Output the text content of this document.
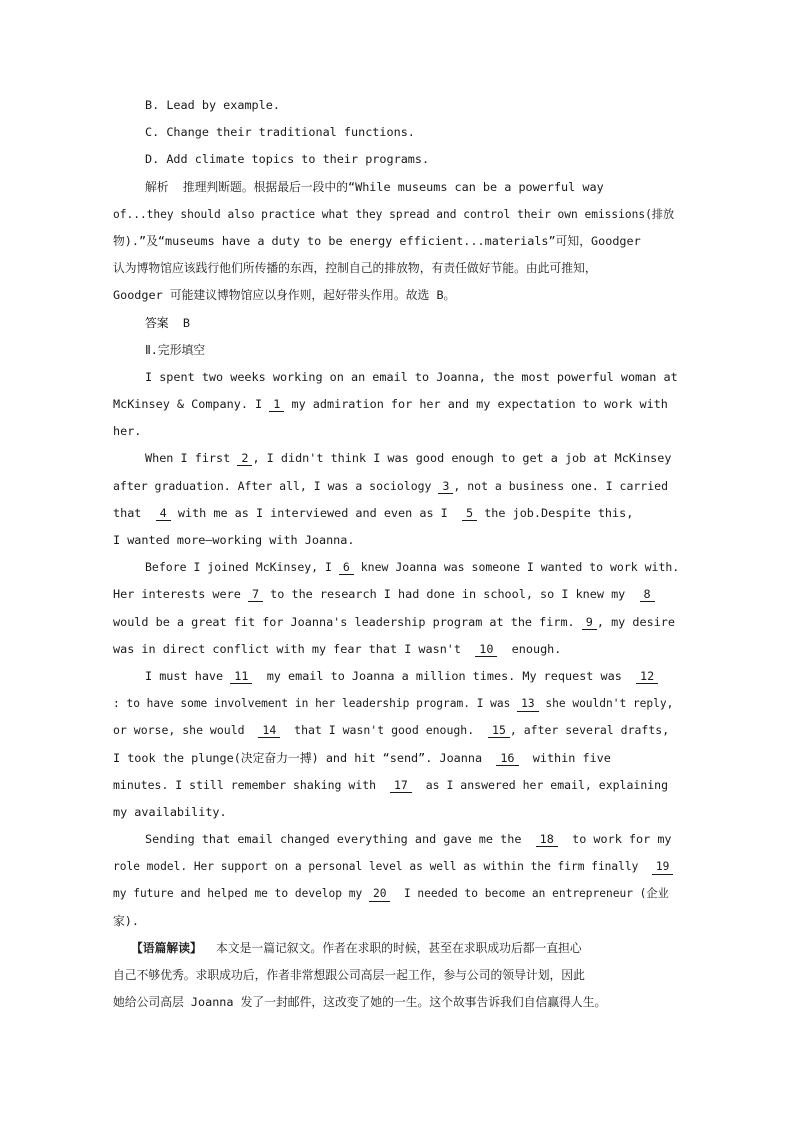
B. Lead by example.
C. Change their traditional functions.
D. Add climate topics to their programs.
解析 推理判断题。根据最后一段中的“While museums can be a powerful way
of...they should also practice what they spread and control their own emissions(排放
物).”及“museums have a duty to be energy efficient...materials”可知，Goodger
认为博物馆应该践行他们所传播的东西，控制自己的排放物，有责任做好节能。由此可推知，
Goodger 可能建议博物馆应以身作则，起好带头作用。故选 B。
答案 B
Ⅱ.完形填空
I spent two weeks working on an email to Joanna, the most powerful woman at
McKinsey & Company. I 1 my admiration for her and my expectation to work with
her.
When I first 2 , I didn't think I was good enough to get a job at McKinsey
after graduation. After all, I was a sociology 3 , not a business one. I carried
that 4 with me as I interviewed and even as I 5 the job.Despite this,
I wanted more—working with Joanna.
Before I joined McKinsey, I 6 knew Joanna was someone I wanted to work with.
Her interests were 7 to the research I had done in school, so I knew my 8
would be a great fit for Joanna's leadership program at the firm. 9 , my desire
was in direct conflict with my fear that I wasn't 10 enough.
I must have 11 my email to Joanna a million times. My request was 12
: to have some involvement in her leadership program. I was 13 she wouldn't reply,
or worse, she would 14 that I wasn't good enough. 15 , after several drafts,
I took the plunge(决定奋力一搏) and hit “send”. Joanna 16 within five
minutes. I still remember shaking with 17 as I answered her email, explaining
my availability.
Sending that email changed everything and gave me the 18 to work for my
role model. Her support on a personal level as well as within the firm finally 19
my future and helped me to develop my 20 I needed to become an entrepreneur (企业
家).
【语篇解读】 本文是一篇记叙文。作者在求职的时候，甚至在求职成功后都一直担心
自己不够优秀。求职成功后，作者非常想跟公司高层一起工作，参与公司的领导计划，因此
她给公司高层 Joanna 发了一封邮件，这改变了她的一生。这个故事告诉我们自信赢得人生。
